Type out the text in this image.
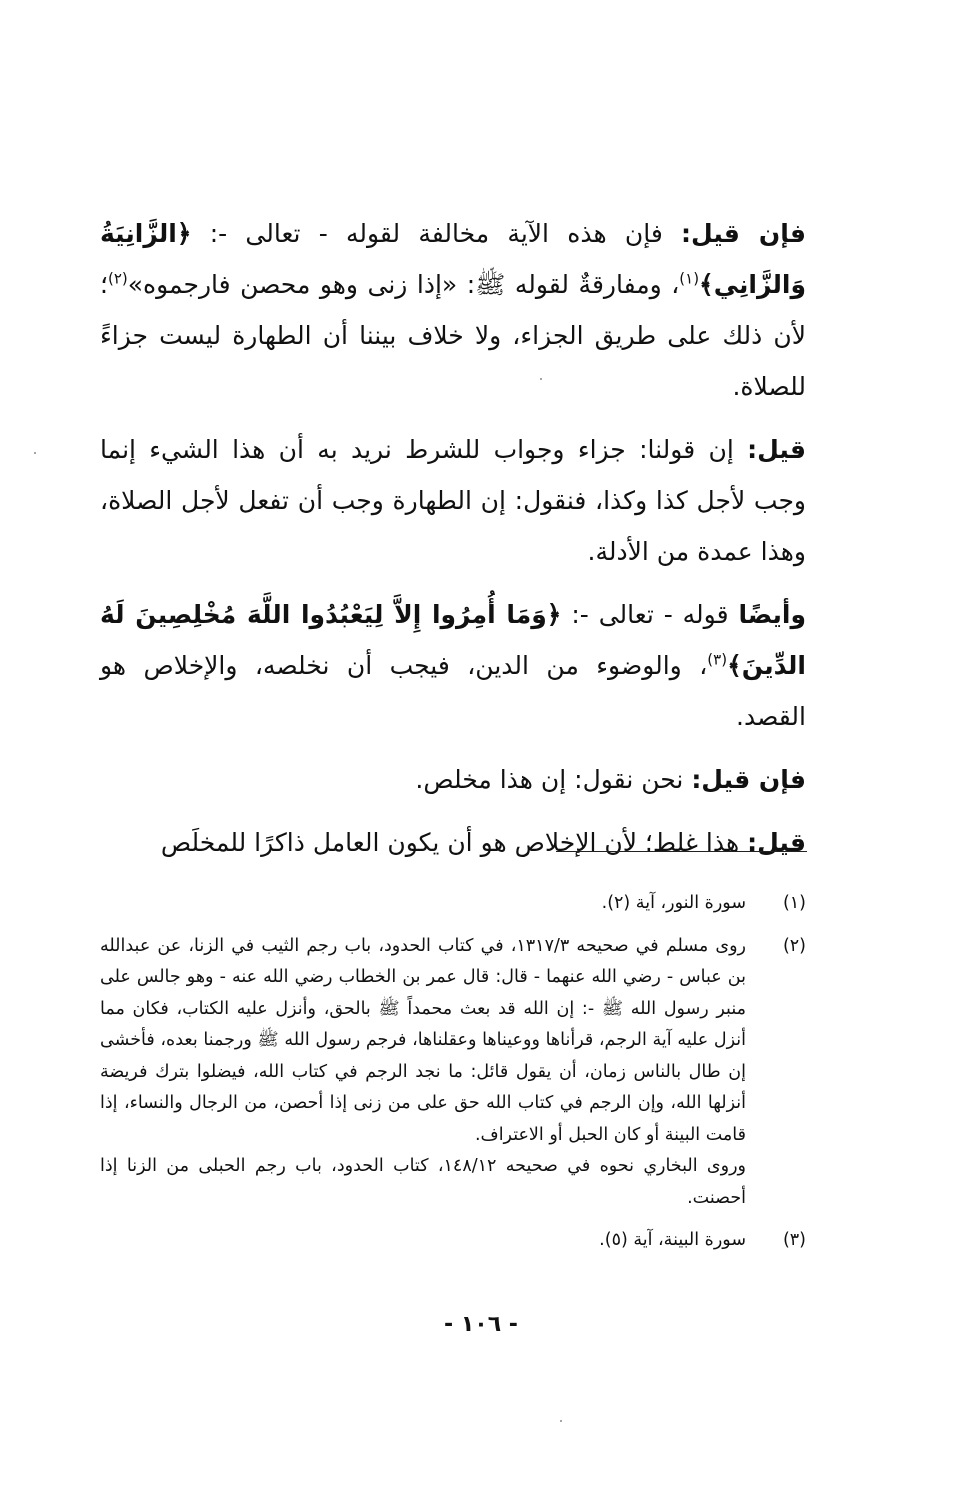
فإن قيل: فإن هذه الآية مخالفة لقوله - تعالى -: ﴿الزَّانِيَةُ وَالزَّانِي﴾$^{(١)}$، ومفارقةٌ لقوله ﷺ: «إذا زنى وهو محصن فارجموه»$^{(٢)}$؛ لأن ذلك على طريق الجزاء، ولا خلاف بيننا أن الطهارة ليست جزاءً للصلاة.

قيل: إن قولنا: جزاء وجواب للشرط نريد به أن هذا الشيء إنما وجب لأجل كذا وكذا، فنقول: إن الطهارة وجب أن تفعل لأجل الصلاة، وهذا عمدة من الأدلة.

وأيضًا قوله - تعالى -: ﴿وَمَا أُمِرُوا إِلاَّ لِيَعْبُدُوا اللَّهَ مُخْلِصِينَ لَهُ الدِّينَ﴾$^{(٣)}$، والوضوء من الدين، فيجب أن نخلصه، والإخلاص هو القصد.

فإن قيل: نحن نقول: إن هذا مخلص.

قيل: هذا غلط؛ لأن الإخلاص هو أن يكون العامل ذاكرًا للمخلَص

(١)

سورة النور، آية (٢).

(٢)

روى مسلم في صحيحه ١٣١٧/٣، في كتاب الحدود، باب رجم الثيب في الزنا، عن عبدالله بن عباس - رضي الله عنهما - قال: قال عمر بن الخطاب رضي الله عنه - وهو جالس على منبر رسول الله ﷺ -: إن الله قد بعث محمداً ﷺ بالحق، وأنزل عليه الكتاب، فكان مما أنزل عليه آية الرجم، قرأناها ووعيناها وعقلناها، فرجم رسول الله ﷺ ورجمنا بعده، فأخشى إن طال بالناس زمان، أن يقول قائل: ما نجد الرجم في كتاب الله، فيضلوا بترك فريضة أنزلها الله، وإن الرجم في كتاب الله حق على من زنى إذا أحصن، من الرجال والنساء، إذا قامت البينة أو كان الحبل أو الاعتراف.

وروى البخاري نحوه في صحيحه ١٤٨/١٢، كتاب الحدود، باب رجم الحبلى من الزنا إذا أحصنت.

(٣)

سورة البينة، آية (٥).

- ١٠٦ -
